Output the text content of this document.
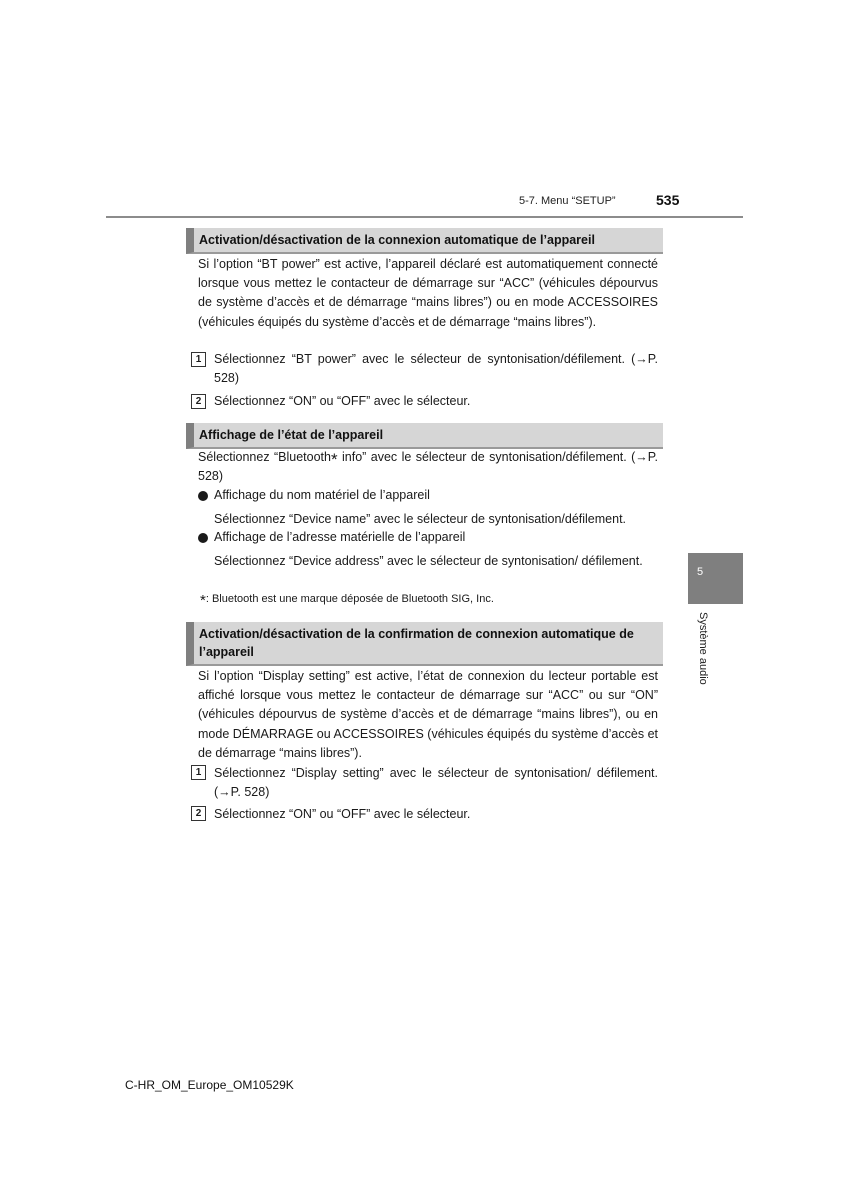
5-7. Menu “SETUP”	535
Activation/désactivation de la connexion automatique de l’appareil

Si l’option “BT power” est active, l’appareil déclaré est automatiquement connecté lorsque vous mettez le contacteur de démarrage sur “ACC” (véhicules dépourvus de système d’accès et de démarrage “mains libres”) ou en mode ACCESSOIRES (véhicules équipés du système d’accès et de démarrage “mains libres”).

1	Sélectionnez “BT power” avec le sélecteur de syntonisation/défilement. (→P. 528)

2	Sélectionnez “ON” ou “OFF” avec le sélecteur.

Affichage de l’état de l’appareil

Sélectionnez “Bluetooth* info” avec le sélecteur de syntonisation/défilement. (→P. 528)

Affichage du nom matériel de l’appareil

Sélectionnez “Device name” avec le sélecteur de syntonisation/défilement.

Affichage de l’adresse matérielle de l’appareil

Sélectionnez “Device address” avec le sélecteur de syntonisation/ défilement.

*: Bluetooth est une marque déposée de Bluetooth SIG, Inc.
Activation/désactivation de la confirmation de connexion automatique de l’appareil

Si l’option “Display setting” est active, l’état de connexion du lecteur portable est affiché lorsque vous mettez le contacteur de démarrage sur “ACC” ou sur “ON” (véhicules dépourvus de système d’accès et de démarrage “mains libres”), ou en mode DÉMARRAGE ou ACCESSOIRES (véhicules équipés du système d’accès et de démarrage “mains libres”).

1	Sélectionnez “Display setting” avec le sélecteur de syntonisation/ défilement. (→P. 528)

2	Sélectionnez “ON” ou “OFF” avec le sélecteur.

5
Système audio
C-HR_OM_Europe_OM10529K
